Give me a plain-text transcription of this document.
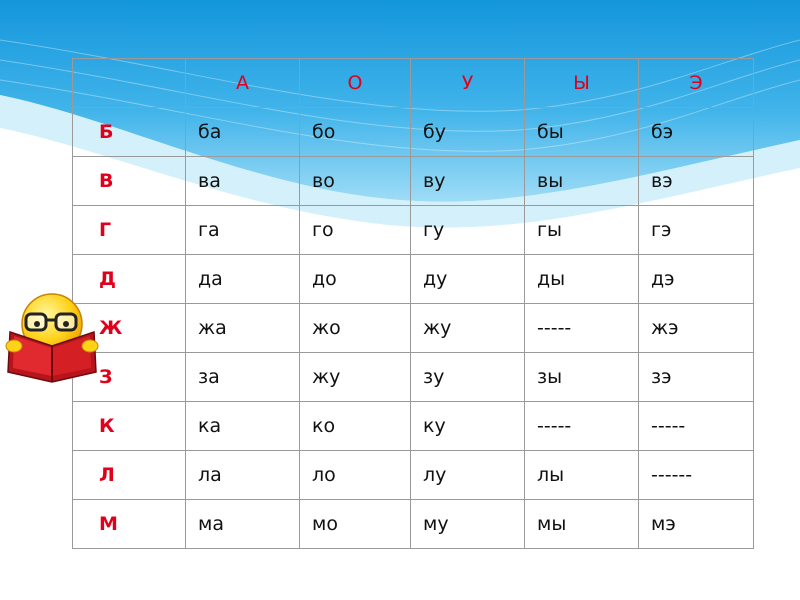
	А	О	У	Ы	Э
Б	ба	бо	бу	бы	бэ
В	ва	во	ву	вы	вэ
Г	га	го	гу	гы	гэ
Д	да	до	ду	ды	дэ
Ж	жа	жо	жу	-----	жэ
З	за	жу	зу	зы	зэ
К	ка	ко	ку	-----	-----
Л	ла	ло	лу	лы	------
М	ма	мо	му	мы	мэ
